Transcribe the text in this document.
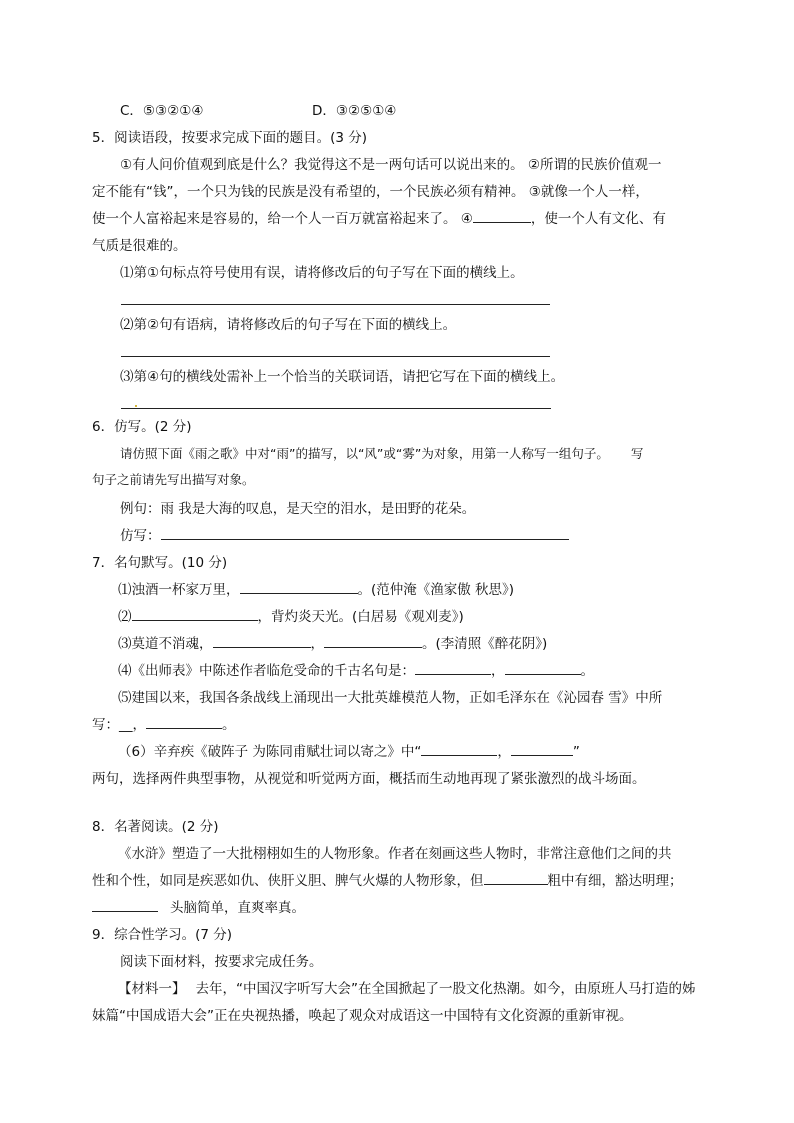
C．⑤③②①④	D．③②⑤①④
5．阅读语段，按要求完成下面的题目。(3 分)
①有人问价值观到底是什么？我觉得这不是一两句话可以说出来的。 ②所谓的民族价值观一
定不能有“钱”，一个只为钱的民族是没有希望的，一个民族必须有精神。 ③就像一个人一样，
使一个人富裕起来是容易的，给一个人一百万就富裕起来了。 ④	，使一个人有文化、有
气质是很难的。
⑴第①句标点符号使用有误，请将修改后的句子写在下面的横线上。
⑵第②句有语病，请将修改后的句子写在下面的横线上。
⑶第④句的横线处需补上一个恰当的关联词语，请把它写在下面的横线上。
6．仿写。(2 分)
请仿照下面《雨之歌》中对“雨”的描写，以“风”或“雾”为对象，用第一人称写一组句子。 写
句子之前请先写出描写对象。
例句：雨 我是大海的叹息，是天空的泪水，是田野的花朵。
仿写：
7．名句默写。(10 分)
⑴浊酒一杯家万里，	。(范仲淹《渔家傲 秋思》)
⑵	，背灼炎天光。(白居易《观刈麦》)
⑶莫道不消魂，	，	。(李清照《醉花阴》)
⑷《出师表》中陈述作者临危受命的千古名句是：	，	。
⑸建国以来，我国各条战线上涌现出一大批英雄模范人物，正如毛泽东在《沁园春 雪》中所
写：__，	。
（6）辛弃疾《破阵子 为陈同甫赋壮词以寄之》中“	，	”
两句，选择两件典型事物，从视觉和听觉两方面，概括而生动地再现了紧张激烈的战斗场面。
8．名著阅读。(2 分)
《水浒》塑造了一大批栩栩如生的人物形象。作者在刻画这些人物时，非常注意他们之间的共
性和个性，如同是疾恶如仇、侠肝义胆、脾气火爆的人物形象，但	粗中有细，豁达明理；
头脑简单，直爽率真。
9．综合性学习。(7 分)
阅读下面材料，按要求完成任务。
【材料一】 去年，“中国汉字听写大会”在全国掀起了一股文化热潮。如今，由原班人马打造的姊
妹篇“中国成语大会”正在央视热播，唤起了观众对成语这一中国特有文化资源的重新审视。
